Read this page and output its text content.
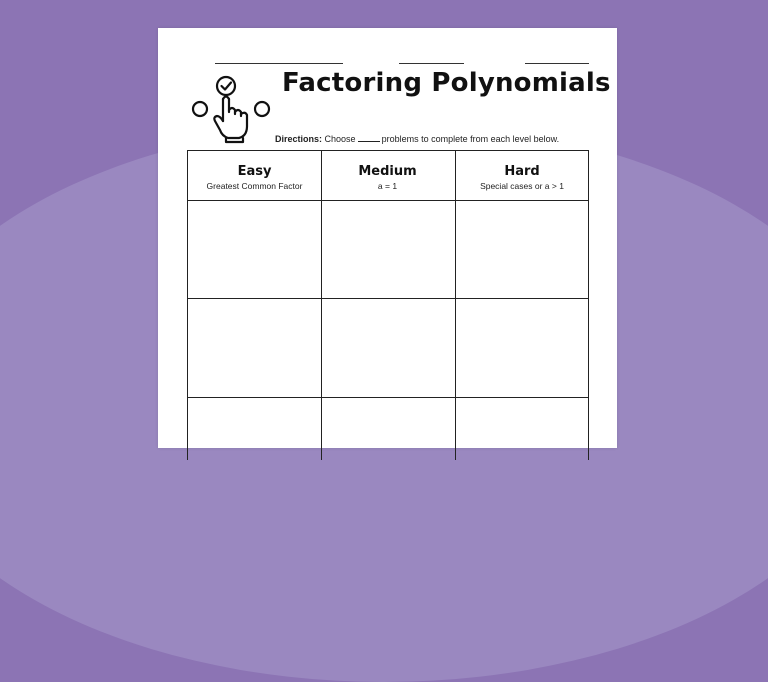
Factoring Polynomials
Directions: Choose	problems to complete from each level below.
Easy
Greatest Common Factor
Medium
a = 1
Hard
Special cases or a > 1
